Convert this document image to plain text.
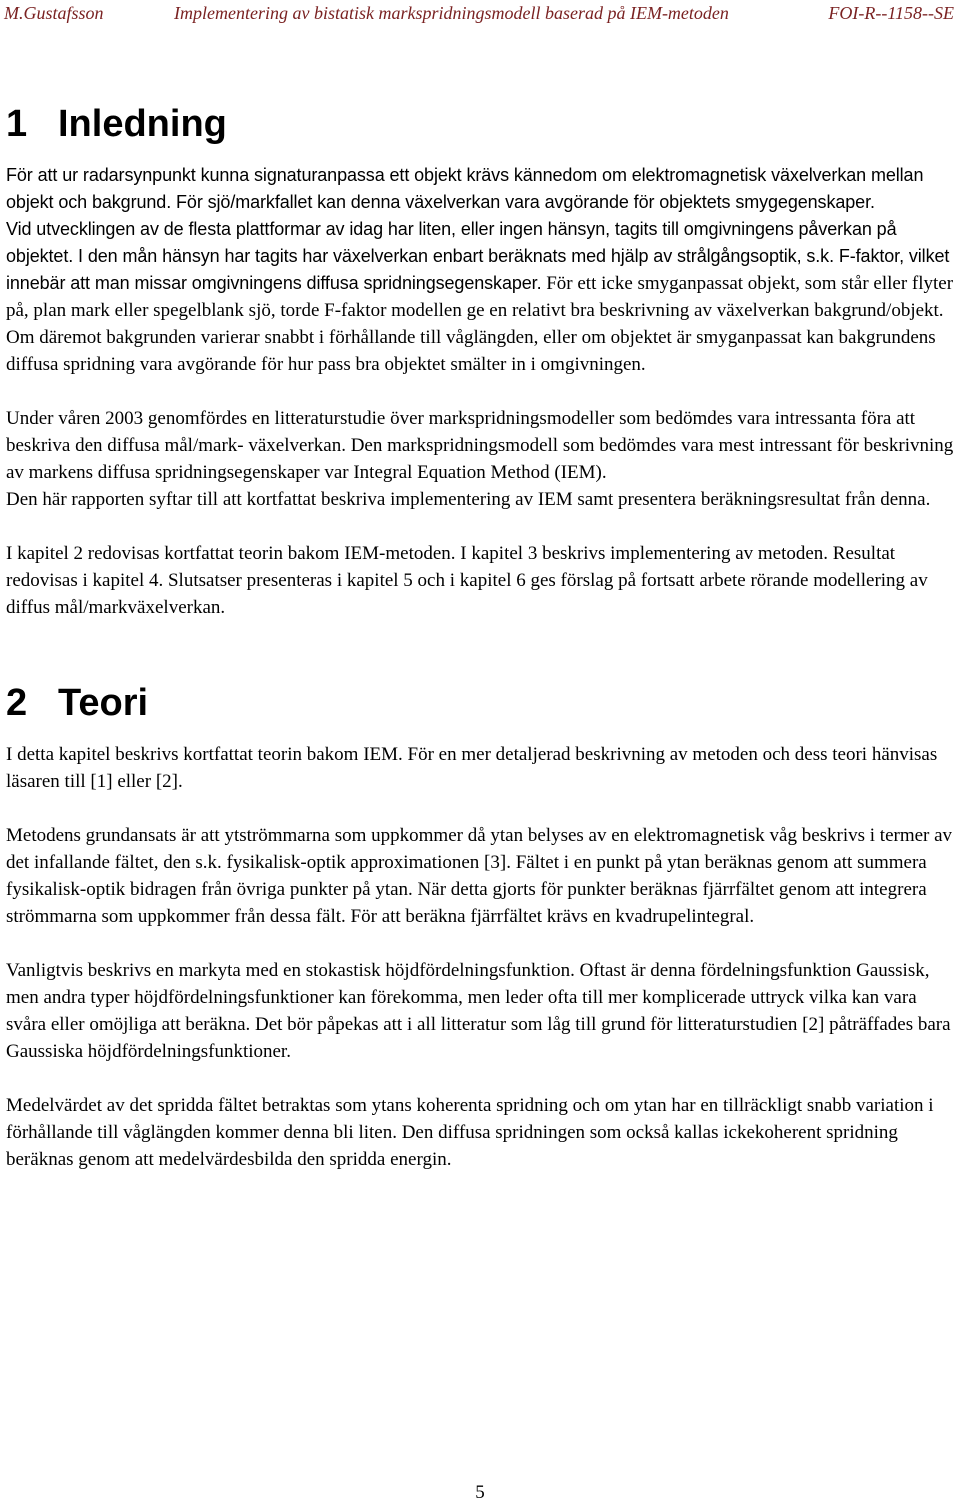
M.Gustafsson	Implementering av bistatisk markspridningsmodell baserad på IEM-metoden	FOI-R--1158--SE
1 Inledning

För att ur radarsynpunkt kunna signaturanpassa ett objekt krävs kännedom om elektromagnetisk växelverkan mellan objekt och bakgrund. För sjö/markfallet kan denna växelverkan vara avgörande för objektets smygegenskaper.

Vid utvecklingen av de flesta plattformar av idag har liten, eller ingen hänsyn, tagits till omgivningens påverkan på objektet. I den mån hänsyn har tagits har växelverkan enbart beräknats med hjälp av strålgångsoptik, s.k. F-faktor, vilket innebär att man missar omgivningens diffusa spridningsegenskaper. För ett icke smyganpassat objekt, som står eller flyter på, plan mark eller spegelblank sjö, torde F-faktor modellen ge en relativt bra beskrivning av växelverkan bakgrund/objekt. Om däremot bakgrunden varierar snabbt i förhållande till våglängden, eller om objektet är smyganpassat kan bakgrundens diffusa spridning vara avgörande för hur pass bra objektet smälter in i omgivningen.

Under våren 2003 genomfördes en litteraturstudie över markspridningsmodeller som bedömdes vara intressanta föra att beskriva den diffusa mål/mark- växelverkan. Den markspridningsmodell som bedömdes vara mest intressant för beskrivning av markens diffusa spridningsegenskaper var Integral Equation Method (IEM).

Den här rapporten syftar till att kortfattat beskriva implementering av IEM samt presentera beräkningsresultat från denna.

I kapitel 2 redovisas kortfattat teorin bakom IEM-metoden. I kapitel 3 beskrivs implementering av metoden. Resultat redovisas i kapitel 4. Slutsatser presenteras i kapitel 5 och i kapitel 6 ges förslag på fortsatt arbete rörande modellering av diffus mål/markväxelverkan.

2 Teori

I detta kapitel beskrivs kortfattat teorin bakom IEM. För en mer detaljerad beskrivning av metoden och dess teori hänvisas läsaren till [1] eller [2].

Metodens grundansats är att ytströmmarna som uppkommer då ytan belyses av en elektromagnetisk våg beskrivs i termer av det infallande fältet, den s.k. fysikalisk-optik approximationen [3]. Fältet i en punkt på ytan beräknas genom att summera fysikalisk-optik bidragen från övriga punkter på ytan. När detta gjorts för punkter beräknas fjärrfältet genom att integrera strömmarna som uppkommer från dessa fält. För att beräkna fjärrfältet krävs en kvadrupelintegral.

Vanligtvis beskrivs en markyta med en stokastisk höjdfördelningsfunktion. Oftast är denna fördelningsfunktion Gaussisk, men andra typer höjdfördelningsfunktioner kan förekomma, men leder ofta till mer komplicerade uttryck vilka kan vara svåra eller omöjliga att beräkna. Det bör påpekas att i all litteratur som låg till grund för litteraturstudien [2] påträffades bara Gaussiska höjdfördelningsfunktioner.

Medelvärdet av det spridda fältet betraktas som ytans koherenta spridning och om ytan har en tillräckligt snabb variation i förhållande till våglängden kommer denna bli liten. Den diffusa spridningen som också kallas ickekoherent spridning beräknas genom att medelvärdesbilda den spridda energin.

5
